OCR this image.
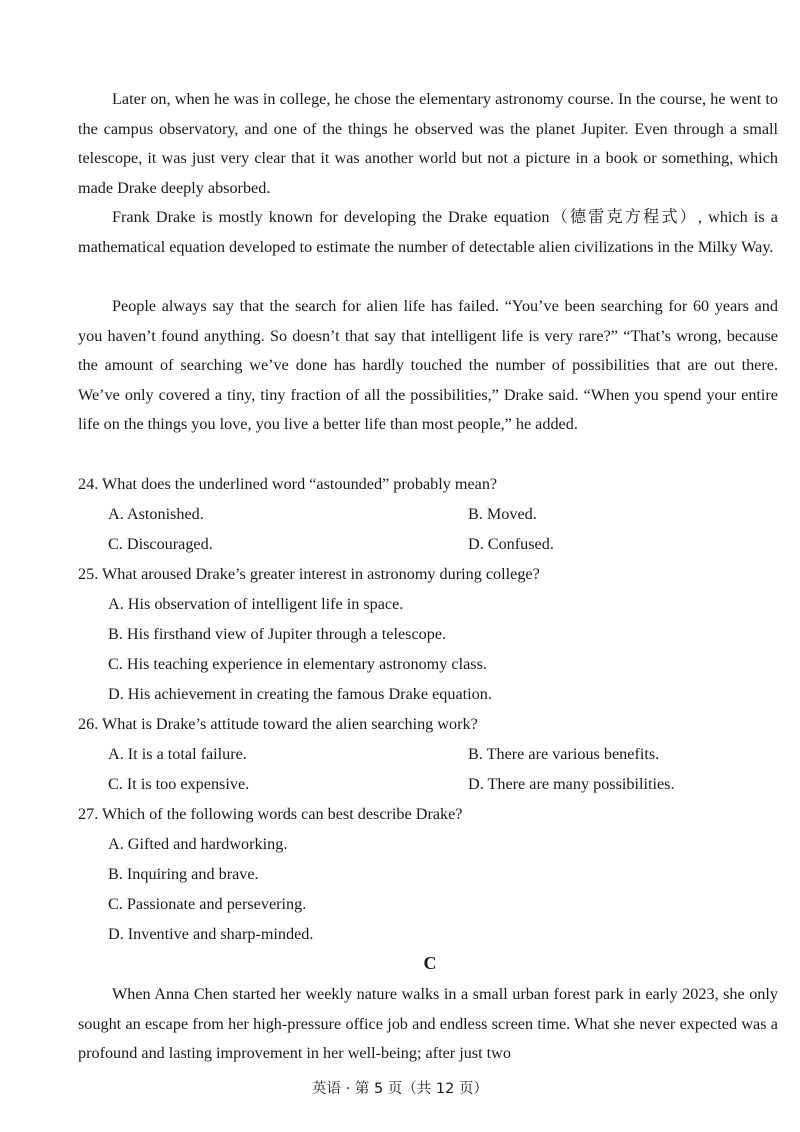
Later on, when he was in college, he chose the elementary astronomy course. In the course, he went to the campus observatory, and one of the things he observed was the planet Jupiter. Even through a small telescope, it was just very clear that it was another world but not a picture in a book or something, which made Drake deeply absorbed.

Frank Drake is mostly known for developing the Drake equation（德雷克方程式）, which is a mathematical equation developed to estimate the number of detectable alien civilizations in the Milky Way.

People always say that the search for alien life has failed. “You’ve been searching for 60 years and you haven’t found anything. So doesn’t that say that intelligent life is very rare?” “That’s wrong, because the amount of searching we’ve done has hardly touched the number of possibilities that are out there. We’ve only covered a tiny, tiny fraction of all the possibilities,” Drake said. “When you spend your entire life on the things you love, you live a better life than most people,” he added.

24. What does the underlined word “astounded” probably mean?
A. Astonished.	B. Moved.
C. Discouraged.	D. Confused.
25. What aroused Drake’s greater interest in astronomy during college?
A. His observation of intelligent life in space.
B. His firsthand view of Jupiter through a telescope.
C. His teaching experience in elementary astronomy class.
D. His achievement in creating the famous Drake equation.
26. What is Drake’s attitude toward the alien searching work?
A. It is a total failure.	B. There are various benefits.
C. It is too expensive.	D. There are many possibilities.
27. Which of the following words can best describe Drake?
A. Gifted and hardworking.
B. Inquiring and brave.
C. Passionate and persevering.
D. Inventive and sharp-minded.
C

When Anna Chen started her weekly nature walks in a small urban forest park in early 2023, she only sought an escape from her high-pressure office job and endless screen time. What she never expected was a profound and lasting improvement in her well-being; after just two

英语 · 第 5 页（共 12 页）
